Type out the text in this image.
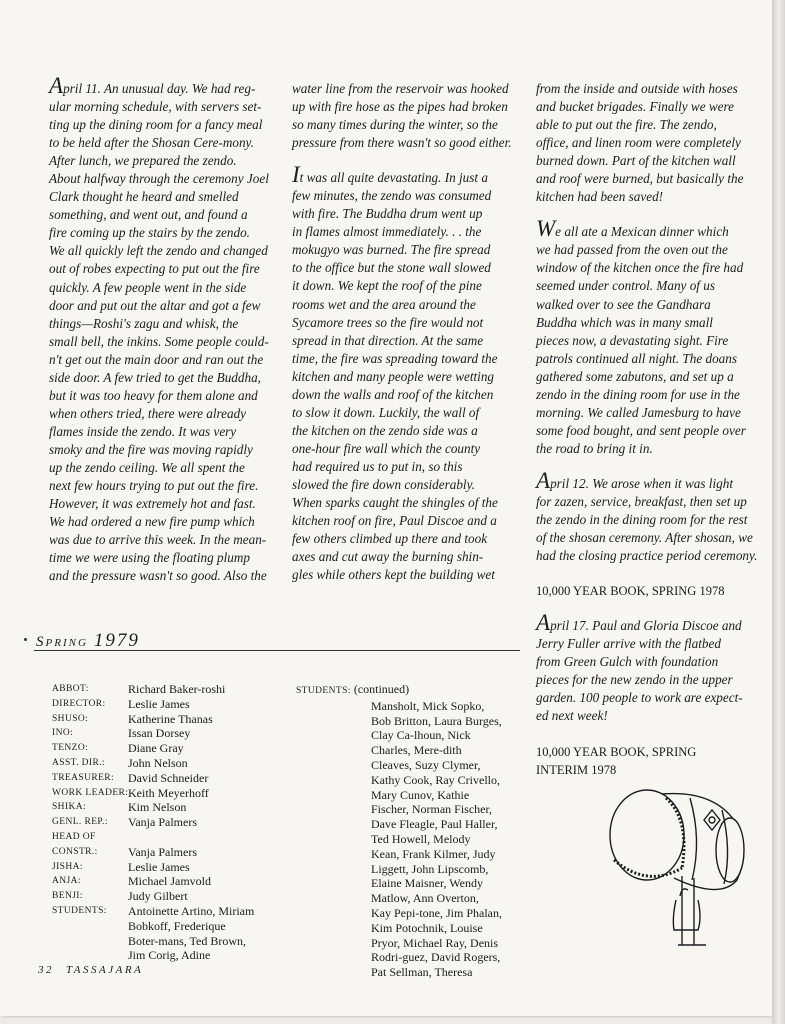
April 11. An unusual day. We had reg-

ular morning schedule, with servers set-

ting up the dining room for a fancy meal

to be held after the Shosan Cere-mony.

After lunch, we prepared the zendo.

About halfway through the ceremony Joel

Clark thought he heard and smelled

something, and went out, and found a

fire coming up the stairs by the zendo.

We all quickly left the zendo and changed

out of robes expecting to put out the fire

quickly. A few people went in the side

door and put out the altar and got a few

things—Roshi's zagu and whisk, the

small bell, the inkins. Some people could-

n't get out the main door and ran out the

side door. A few tried to get the Buddha,

but it was too heavy for them alone and

when others tried, there were already

flames inside the zendo. It was very

smoky and the fire was moving rapidly

up the zendo ceiling. We all spent the

next few hours trying to put out the fire.

However, it was extremely hot and fast.

We had ordered a new fire pump which

was due to arrive this week. In the mean-

time we were using the floating plump

and the pressure wasn't so good. Also the

water line from the reservoir was hooked

up with fire hose as the pipes had broken

so many times during the winter, so the

pressure from there wasn't so good either.

It was all quite devastating. In just a

few minutes, the zendo was consumed

with fire. The Buddha drum went up

in flames almost immediately. . . the

mokugyo was burned. The fire spread

to the office but the stone wall slowed

it down. We kept the roof of the pine

rooms wet and the area around the

Sycamore trees so the fire would not

spread in that direction. At the same

time, the fire was spreading toward the

kitchen and many people were wetting

down the walls and roof of the kitchen

to slow it down. Luckily, the wall of

the kitchen on the zendo side was a

one-hour fire wall which the county

had required us to put in, so this

slowed the fire down considerably.

When sparks caught the shingles of the

kitchen roof on fire, Paul Discoe and a

few others climbed up there and took

axes and cut away the burning shin-

gles while others kept the building wet

from the inside and outside with hoses

and bucket brigades. Finally we were

able to put out the fire. The zendo,

office, and linen room were completely

burned down. Part of the kitchen wall

and roof were burned, but basically the

kitchen had been saved!

We all ate a Mexican dinner which

we had passed from the oven out the

window of the kitchen once the fire had

seemed under control. Many of us

walked over to see the Gandhara

Buddha which was in many small

pieces now, a devastating sight. Fire

patrols continued all night. The doans

gathered some zabutons, and set up a

zendo in the dining room for use in the

morning. We called Jamesburg to have

some food bought, and sent people over

the road to bring it in.

April 12. We arose when it was light

for zazen, service, breakfast, then set up

the zendo in the dining room for the rest

of the shosan ceremony. After shosan, we

had the closing practice period ceremony.

10,000 YEAR BOOK, SPRING 1978

April 17. Paul and Gloria Discoe and

Jerry Fuller arrive with the flatbed

from Green Gulch with foundation

pieces for the new zendo in the upper

garden. 100 people to work are expect-

ed next week!

10,000 YEAR BOOK, SPRING

INTERIM 1978

Spring 1979
ABBOT:	Richard Baker-roshi
DIRECTOR:	Leslie James
SHUSO:	Katherine Thanas
INO:	Issan Dorsey
TENZO:	Diane Gray
ASST. DIR.:	John Nelson
TREASURER:	David Schneider
WORK LEADER: Keith Meyerhoff
SHIKA:	Kim Nelson
GENL. REP.:	Vanja Palmers
HEAD OF
CONSTR.:	Vanja Palmers
JISHA:	Leslie James
ANJA:	Michael Jamvold
BENJI:	Judy Gilbert
STUDENTS:	Antoinette Artino, Miriam
Bobkoff, Frederique
Boter-mans, Ted Brown,
Jim Corig, Adine
STUDENTS: (continued)
Mansholt, Mick Sopko,
Bob Britton, Laura Burges,
Clay Ca-lhoun, Nick
Charles, Mere-dith
Cleaves, Suzy Clymer,
Kathy Cook, Ray Crivello,
Mary Cunov, Kathie
Fischer, Norman Fischer,
Dave Fleagle, Paul Haller,
Ted Howell, Melody
Kean, Frank Kilmer, Judy
Liggett, John Lipscomb,
Elaine Maisner, Wendy
Matlow, Ann Overton,
Kay Pepi-tone, Jim Phalan,
Kim Potochnik, Louise
Pryor, Michael Ray, Denis
Rodri-guez, David Rogers,
Pat Sellman, Theresa
32 TASSAJARA
